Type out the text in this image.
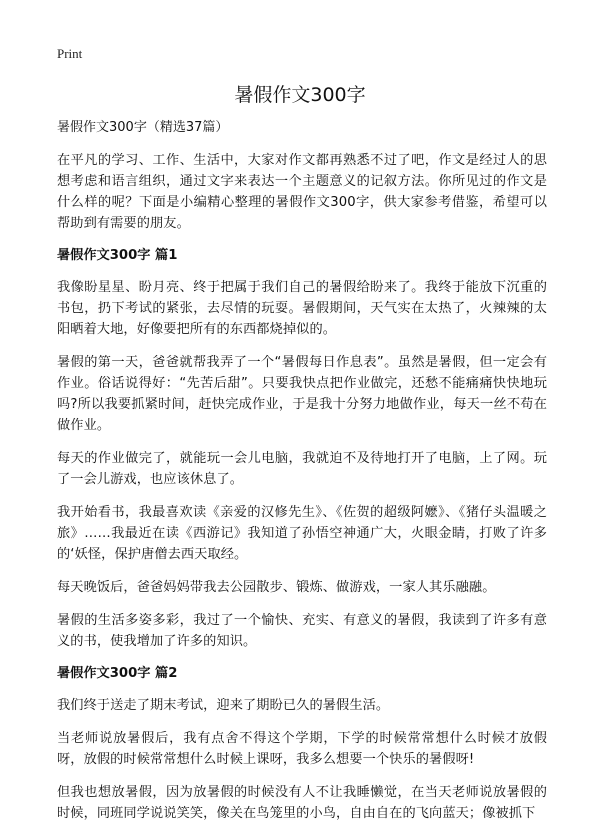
Print
暑假作文300字

暑假作文300字（精选37篇）

在平凡的学习、工作、生活中，大家对作文都再熟悉不过了吧，作文是经过人的思想考虑和语言组织，通过文字来表达一个主题意义的记叙方法。你所见过的作文是什么样的呢？下面是小编精心整理的暑假作文300字，供大家参考借鉴，希望可以帮助到有需要的朋友。

暑假作文300字 篇1

我像盼星星、盼月亮、终于把属于我们自己的暑假给盼来了。我终于能放下沉重的书包，扔下考试的紧张，去尽情的玩耍。暑假期间，天气实在太热了，火辣辣的太阳晒着大地，好像要把所有的东西都烧掉似的。

暑假的第一天，爸爸就帮我弄了一个“暑假每日作息表”。虽然是暑假，但一定会有作业。俗话说得好：“先苦后甜”。只要我快点把作业做完，还愁不能痛痛快快地玩吗?所以我要抓紧时间，赶快完成作业，于是我十分努力地做作业，每天一丝不苟在做作业。

每天的作业做完了，就能玩一会儿电脑，我就迫不及待地打开了电脑，上了网。玩了一会儿游戏，也应该休息了。

我开始看书，我最喜欢读《亲爱的汉修先生》、《佐贺的超级阿嬷》、《猪仔头温暖之旅》……我最近在读《西游记》我知道了孙悟空神通广大，火眼金睛，打败了许多的‘妖怪，保护唐僧去西天取经。

每天晚饭后，爸爸妈妈带我去公园散步、锻炼、做游戏，一家人其乐融融。

暑假的生活多姿多彩，我过了一个愉快、充实、有意义的暑假，我读到了许多有意义的书，使我增加了许多的知识。

暑假作文300字 篇2

我们终于送走了期末考试，迎来了期盼已久的暑假生活。

当老师说放暑假后，我有点舍不得这个学期，下学的时候常常想什么时候才放假呀，放假的时候常常想什么时候上课呀，我多么想要一个快乐的暑假呀!

但我也想放暑假，因为放暑假的时候没有人不让我睡懒觉，在当天老师说放暑假的时候，同班同学说说笑笑，像关在鸟笼里的小鸟，自由自在的飞向蓝天；像被抓下
